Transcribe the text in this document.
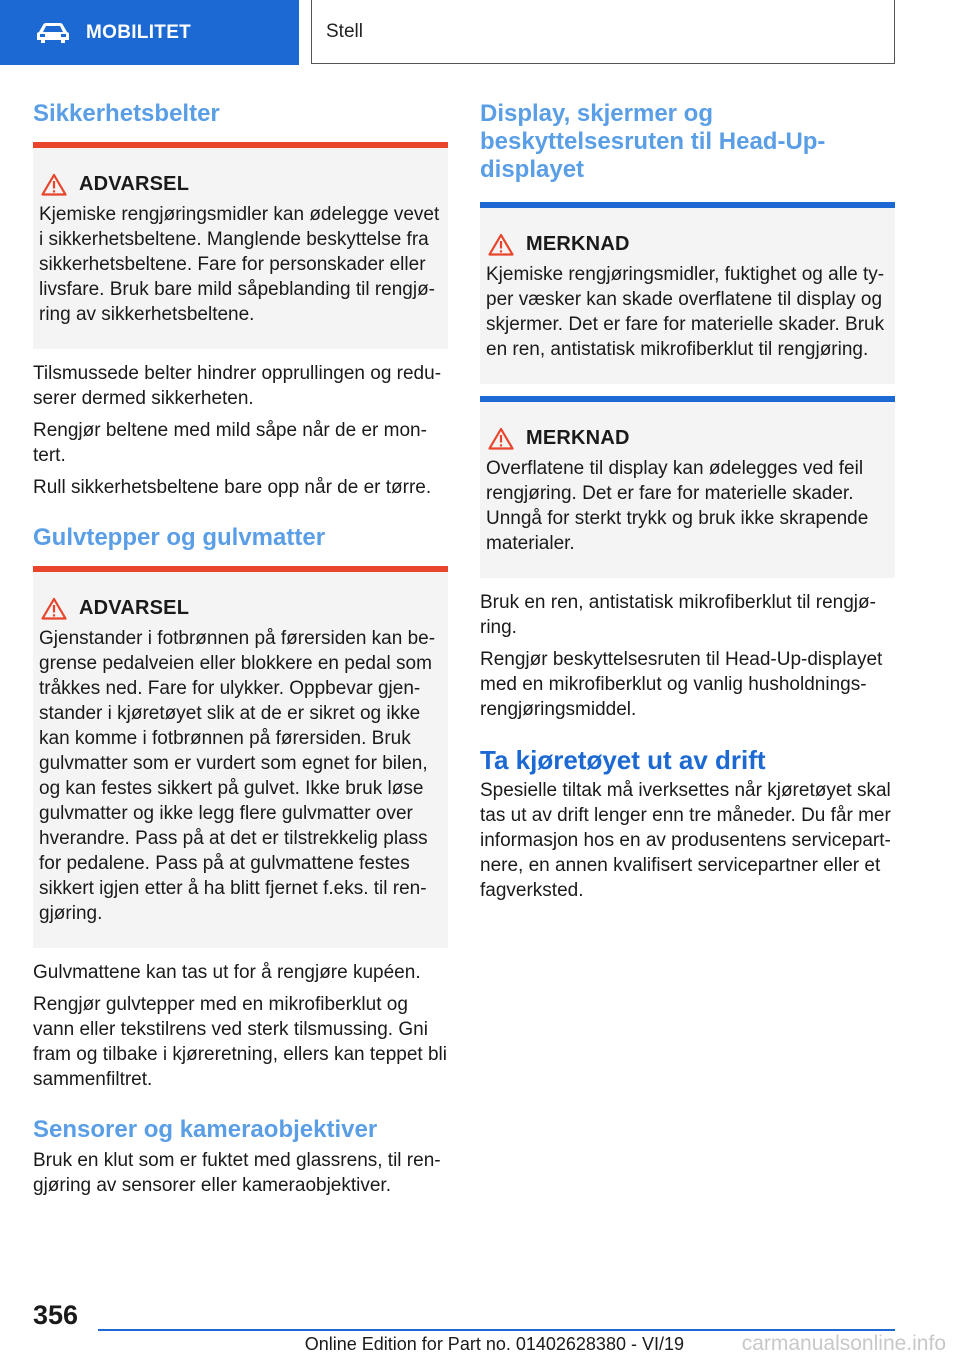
MOBILITET	Stell
Sikkerhetsbelter
ADVARSEL
Kjemiske rengjøringsmidler kan ødelegge vevet
i sikkerhetsbeltene. Manglende beskyttelse fra
sikkerhetsbeltene. Fare for personskader eller
livsfare. Bruk bare mild såpeblanding til rengjø‐
ring av sikkerhetsbeltene.

Tilsmussede belter hindrer opprullingen og redu‐
serer dermed sikkerheten.

Rengjør beltene med mild såpe når de er mon‐
tert.

Rull sikkerhetsbeltene bare opp når de er tørre.

Gulvtepper og gulvmatter
ADVARSEL
Gjenstander i fotbrønnen på førersiden kan be‐
grense pedalveien eller blokkere en pedal som
tråkkes ned. Fare for ulykker. Oppbevar gjen‐
stander i kjøretøyet slik at de er sikret og ikke
kan komme i fotbrønnen på førersiden. Bruk
gulvmatter som er vurdert som egnet for bilen,
og kan festes sikkert på gulvet. Ikke bruk løse
gulvmatter og ikke legg flere gulvmatter over
hverandre. Pass på at det er tilstrekkelig plass
for pedalene. Pass på at gulvmattene festes
sikkert igjen etter å ha blitt fjernet f.eks. til ren‐
gjøring.

Gulvmattene kan tas ut for å rengjøre kupéen.

Rengjør gulvtepper med en mikrofiberklut og
vann eller tekstilrens ved sterk tilsmussing. Gni
fram og tilbake i kjøreretning, ellers kan teppet bli
sammenfiltret.

Sensorer og kameraobjektiver

Bruk en klut som er fuktet med glassrens, til ren‐
gjøring av sensorer eller kameraobjektiver.

Display, skjermer og
beskyttelsesruten til Head-Up-
displayet
MERKNAD
Kjemiske rengjøringsmidler, fuktighet og alle ty‐
per væsker kan skade overflatene til display og
skjermer. Det er fare for materielle skader. Bruk
en ren, antistatisk mikrofiberklut til rengjøring.
MERKNAD
Overflatene til display kan ødelegges ved feil
rengjøring. Det er fare for materielle skader.
Unngå for sterkt trykk og bruk ikke skrapende
materialer.

Bruk en ren, antistatisk mikrofiberklut til rengjø‐
ring.

Rengjør beskyttelsesruten til Head-Up-displayet
med en mikrofiberklut og vanlig husholdnings‐
rengjøringsmiddel.

Ta kjøretøyet ut av drift

Spesielle tiltak må iverksettes når kjøretøyet skal
tas ut av drift lenger enn tre måneder. Du får mer
informasjon hos en av produsentens servicepart‐
nere, en annen kvalifisert servicepartner eller et
fagverksted.

356
Online Edition for Part no. 01402628380 - VI/19	carmanualsonline.info
